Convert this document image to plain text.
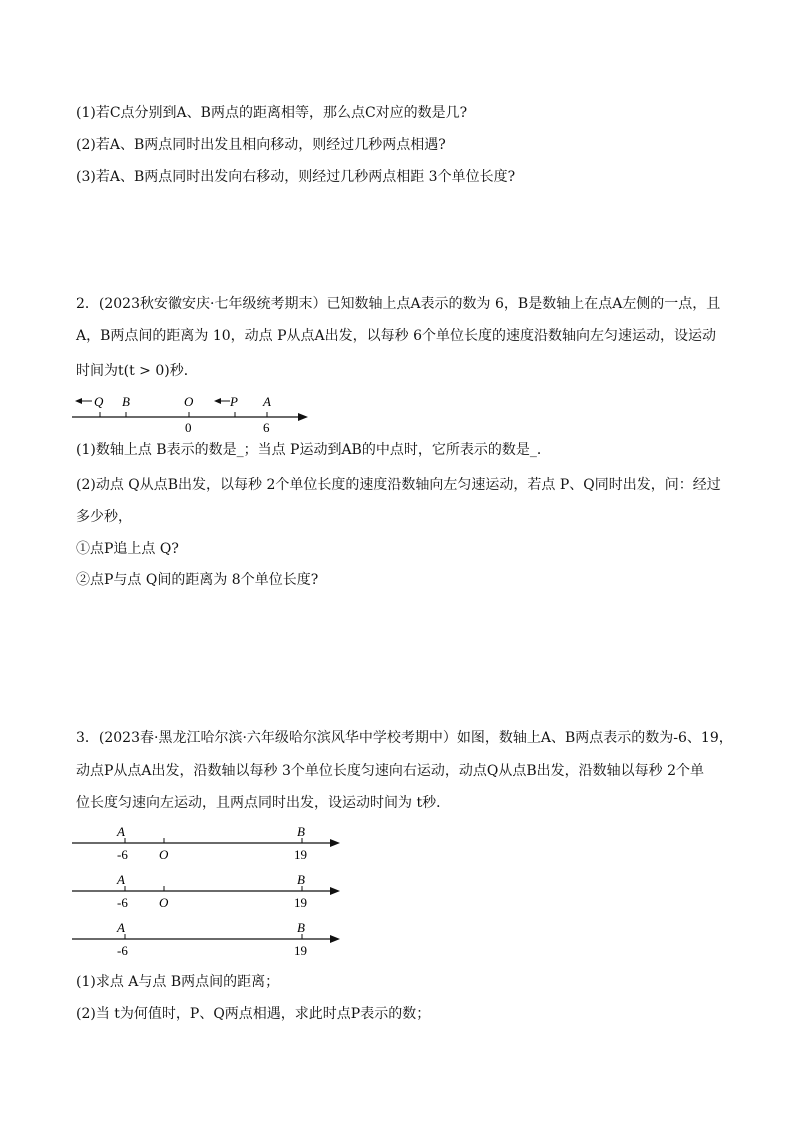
(1)若C点分别到A、B两点的距离相等，那么点C对应的数是几?
(2)若A、B两点同时出发且相向移动，则经过几秒两点相遇?
(3)若A、B两点同时出发向右移动，则经过几秒两点相距 3个单位长度?
2．(2023秋安徽安庆·七年级统考期末）已知数轴上点A表示的数为 6，B是数轴上在点A左侧的一点，且
A，B两点间的距离为 10，动点 P从点A出发，以每秒 6个单位长度的速度沿数轴向左匀速运动，设运动
时间为t(t > 0)秒．
Q B	O	P A
0	6
(1)数轴上点 B表示的数是_；当点 P运动到AB的中点时，它所表示的数是_．
(2)动点 Q从点B出发，以每秒 2个单位长度的速度沿数轴向左匀速运动，若点 P、Q同时出发，问：经过
多少秒，
①点P追上点 Q?
②点P与点 Q间的距离为 8个单位长度?
3．(2023春·黑龙江哈尔滨·六年级哈尔滨风华中学校考期中）如图，数轴上A、B两点表示的数为-6、19，
动点P从点A出发，沿数轴以每秒 3个单位长度匀速向右运动，动点Q从点B出发，沿数轴以每秒 2个单
位长度匀速向左运动，且两点同时出发，设运动时间为 t秒．
A	B
-6 O	19
A	B
-6 O	19
A	B
-6	19
(1)求点 A与点 B两点间的距离；
(2)当 t为何值时，P、Q两点相遇，求此时点P表示的数；
